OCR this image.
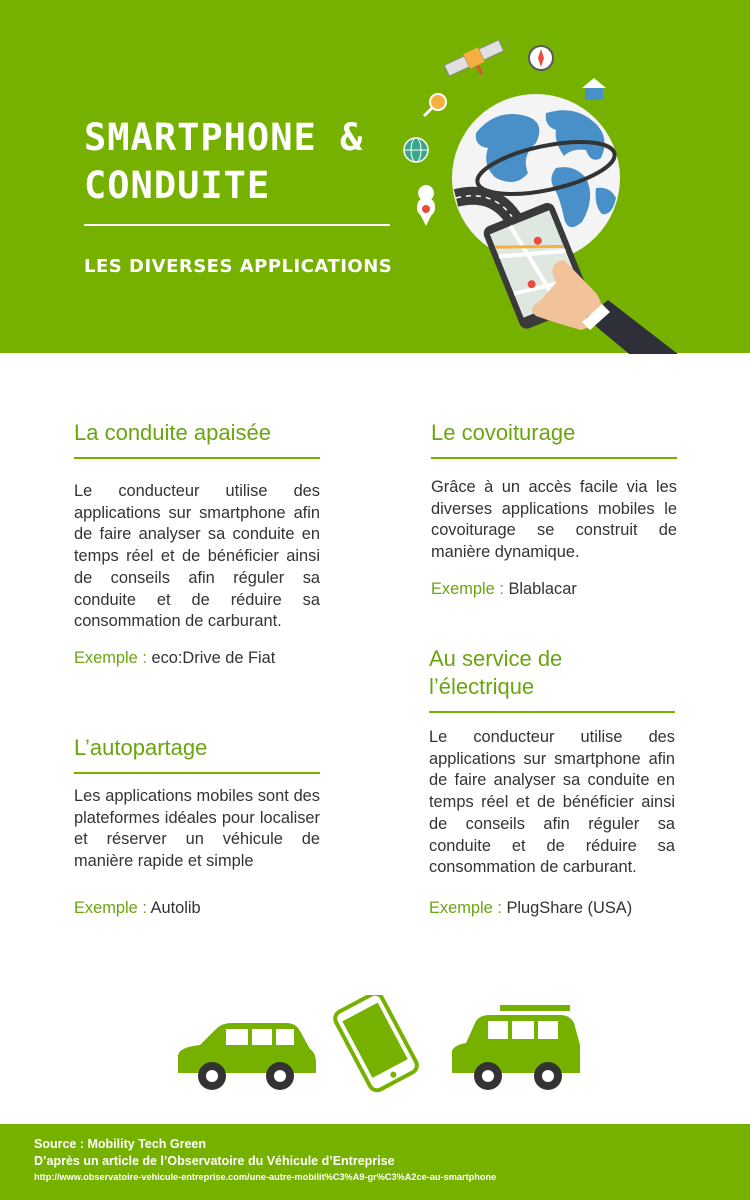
SMARTPHONE &
CONDUITE
LES DIVERSES APPLICATIONS
La conduite apaisée

Le conducteur utilise des applications sur smartphone afin de faire analyser sa conduite en temps réel et de bénéficier ainsi de conseils afin réguler sa conduite et de réduire sa consommation de carburant.

Exemple : eco:Drive de Fiat
L’autopartage

Les applications mobiles sont des plateformes idéales pour localiser et réserver un véhicule de manière rapide et simple

Exemple : Autolib
Le covoiturage

Grâce à un accès facile via les diverses applications mobiles le covoiturage se construit de manière dynamique.

Exemple : Blablacar
Au service de
l’électrique

Le conducteur utilise des applications sur smartphone afin de faire analyser sa conduite en temps réel et de bénéficier ainsi de conseils afin réguler sa conduite et de réduire sa consommation de carburant.

Exemple : PlugShare (USA)
Source : Mobility Tech Green
D’après un article de l’Observatoire du Véhicule d’Entreprise
http://www.observatoire-vehicule-entreprise.com/une-autre-mobilit%C3%A9-gr%C3%A2ce-au-smartphone
